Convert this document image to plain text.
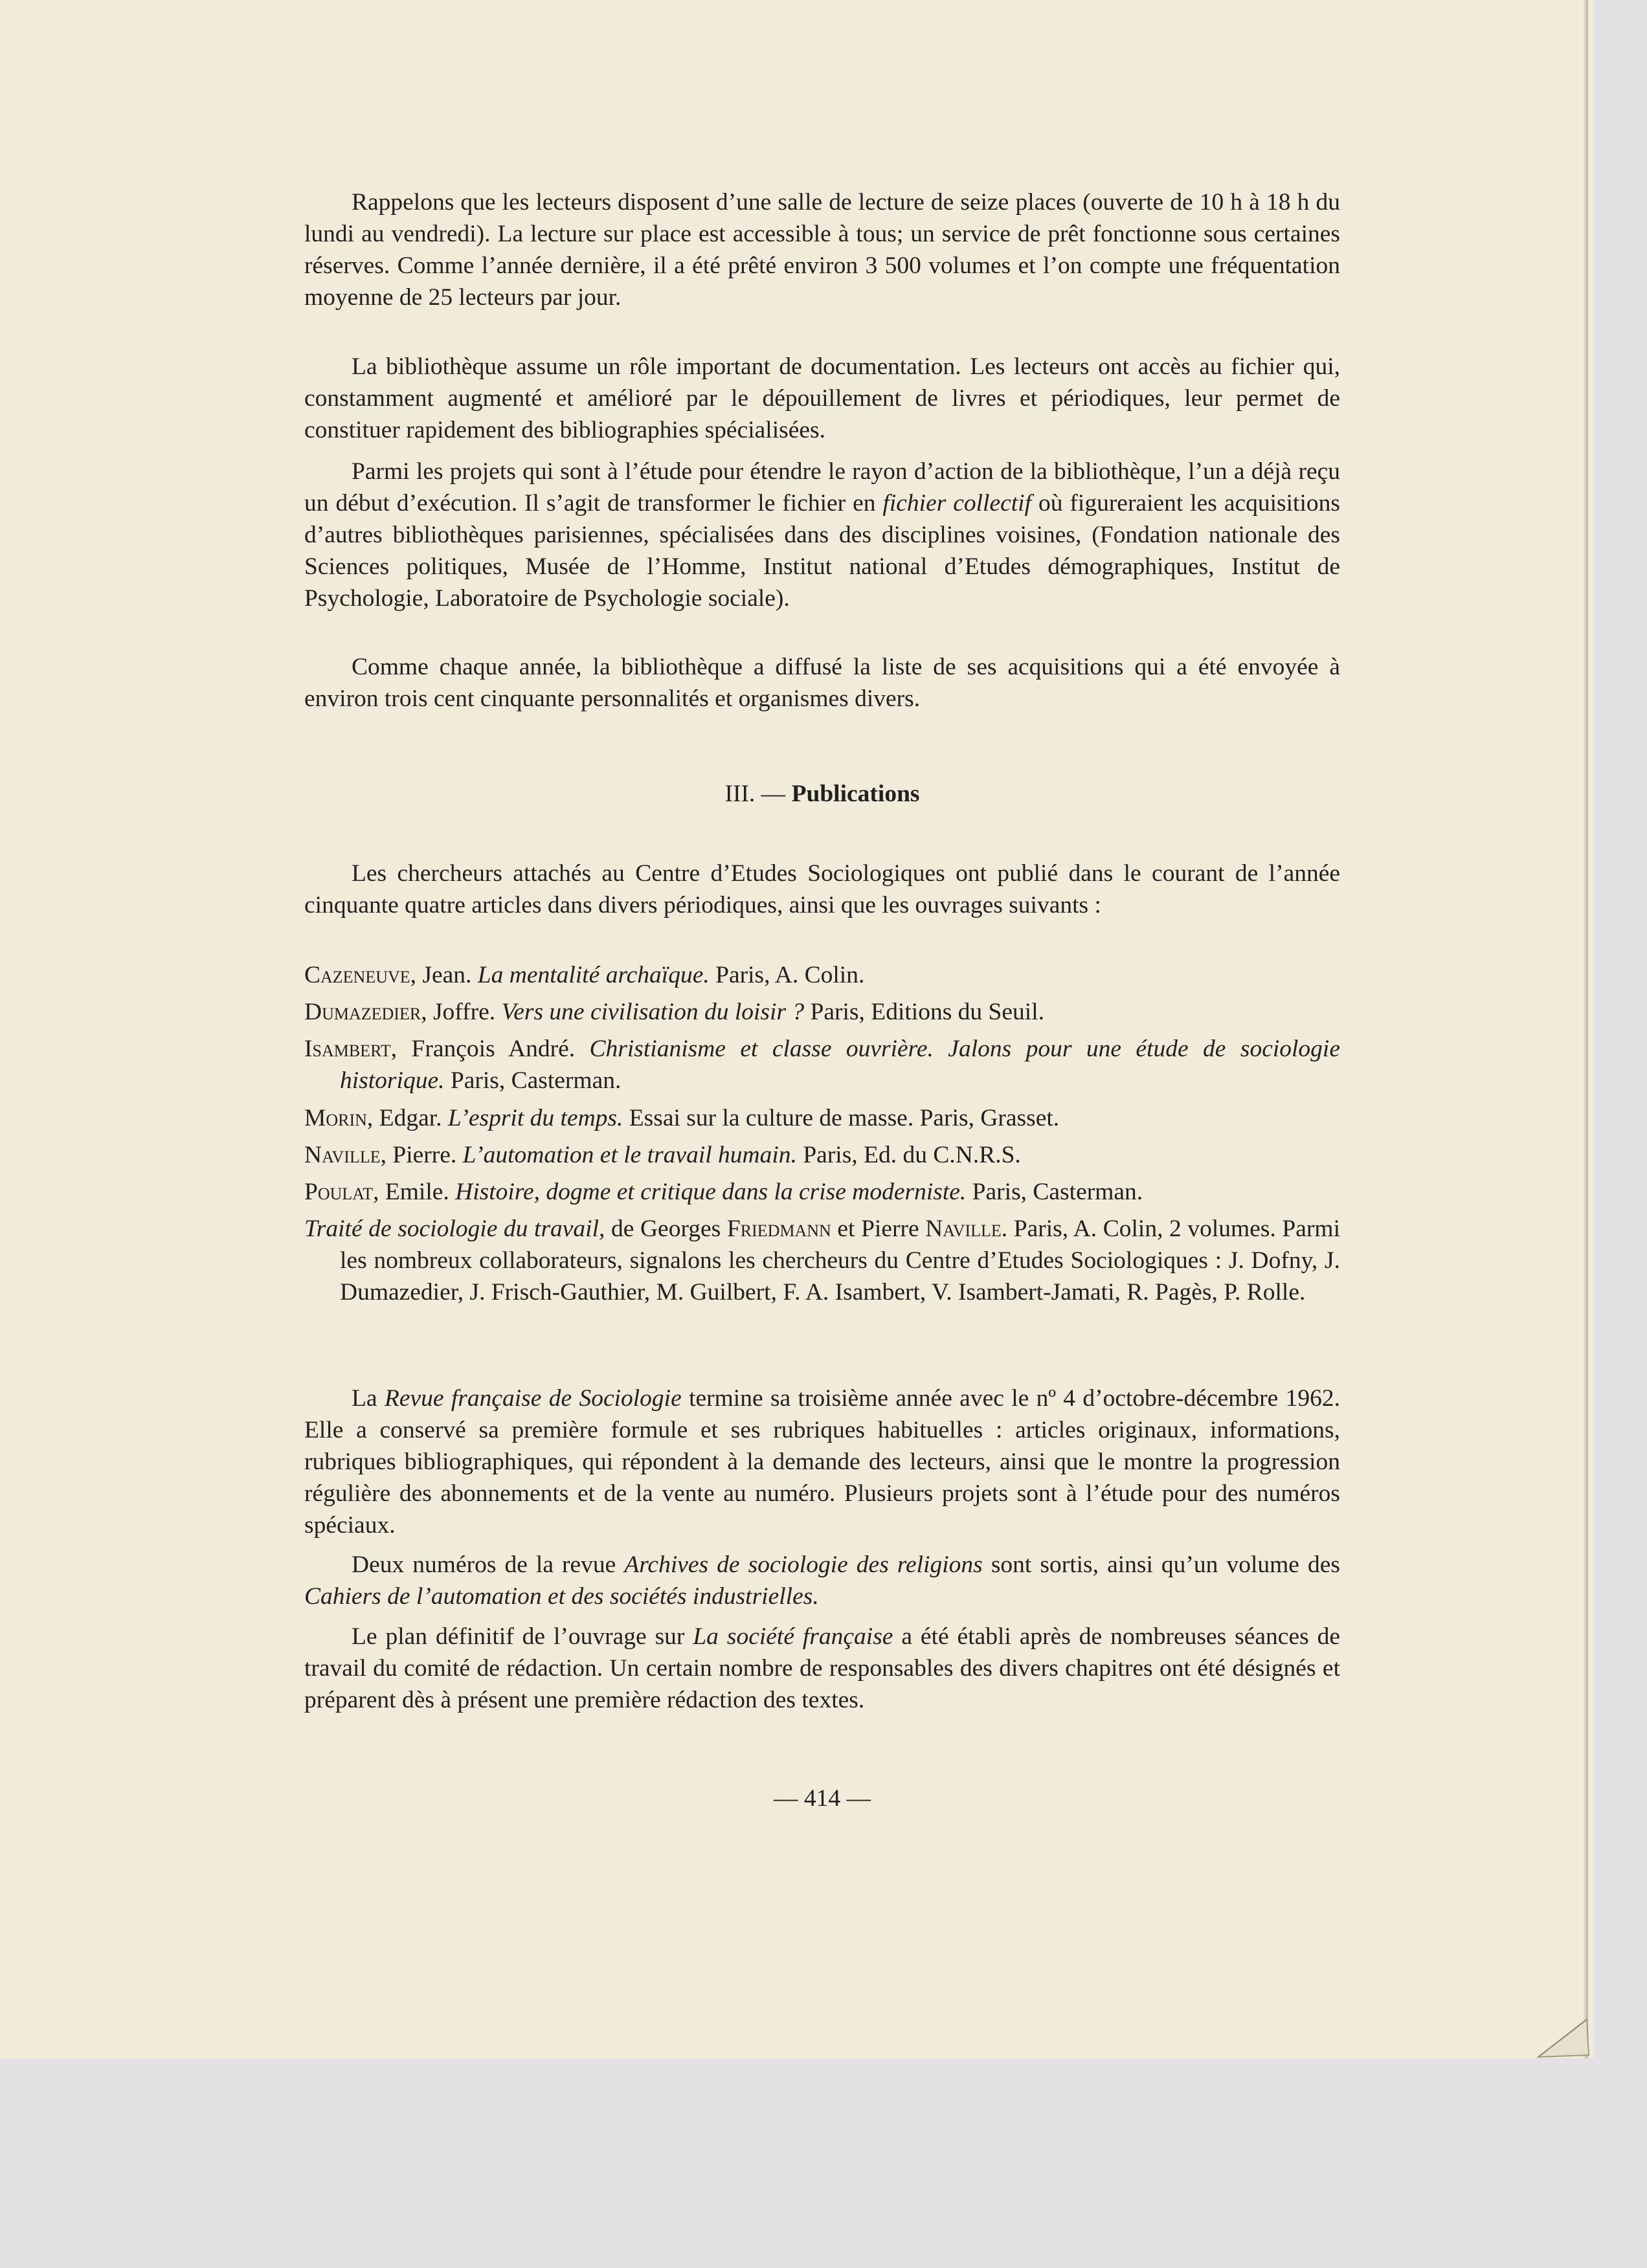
Rappelons que les lecteurs disposent d’une salle de lecture de seize places (ouverte de 10 h à 18 h du lundi au vendredi). La lecture sur place est accessible à tous; un service de prêt fonctionne sous certaines réserves. Comme l’année dernière, il a été prêté environ 3 500 volumes et l’on compte une fréquentation moyenne de 25 lecteurs par jour.

La bibliothèque assume un rôle important de documentation. Les lecteurs ont accès au fichier qui, constamment augmenté et amélioré par le dépouillement de livres et périodiques, leur permet de constituer rapidement des bibliographies spécialisées.

Parmi les projets qui sont à l’étude pour étendre le rayon d’action de la bibliothèque, l’un a déjà reçu un début d’exécution. Il s’agit de transformer le fichier en fichier collectif où figureraient les acquisitions d’autres bibliothèques parisiennes, spécialisées dans des disciplines voisines, (Fondation nationale des Sciences politiques, Musée de l’Homme, Institut national d’Etudes démographiques, Institut de Psychologie, Laboratoire de Psychologie sociale).

Comme chaque année, la bibliothèque a diffusé la liste de ses acquisitions qui a été envoyée à environ trois cent cinquante personnalités et organismes divers.

III. — Publications

Les chercheurs attachés au Centre d’Etudes Sociologiques ont publié dans le courant de l’année cinquante quatre articles dans divers périodiques, ainsi que les ouvrages suivants :

Cazeneuve, Jean. La mentalité archaïque. Paris, A. Colin.

Dumazedier, Joffre. Vers une civilisation du loisir ? Paris, Editions du Seuil.

Isambert, François André. Christianisme et classe ouvrière. Jalons pour une étude de sociologie historique. Paris, Casterman.

Morin, Edgar. L’esprit du temps. Essai sur la culture de masse. Paris, Grasset.

Naville, Pierre. L’automation et le travail humain. Paris, Ed. du C.N.R.S.

Poulat, Emile. Histoire, dogme et critique dans la crise moderniste. Paris, Casterman.

Traité de sociologie du travail, de Georges Friedmann et Pierre Naville. Paris, A. Colin, 2 volumes. Parmi les nombreux collaborateurs, signalons les chercheurs du Centre d’Etudes Sociologiques : J. Dofny, J. Dumazedier, J. Frisch-Gauthier, M. Guilbert, F. A. Isambert, V. Isambert-Jamati, R. Pagès, P. Rolle.

La Revue française de Sociologie termine sa troisième année avec le nº 4 d’octobre-décembre 1962. Elle a conservé sa première formule et ses rubriques habituelles : articles originaux, informations, rubriques bibliographiques, qui répondent à la demande des lecteurs, ainsi que le montre la progression régulière des abonnements et de la vente au numéro. Plusieurs projets sont à l’étude pour des numéros spéciaux.

Deux numéros de la revue Archives de sociologie des religions sont sortis, ainsi qu’un volume des Cahiers de l’automation et des sociétés industrielles.

Le plan définitif de l’ouvrage sur La société française a été établi après de nombreuses séances de travail du comité de rédaction. Un certain nombre de responsables des divers chapitres ont été désignés et préparent dès à présent une première rédaction des textes.

— 414 —
